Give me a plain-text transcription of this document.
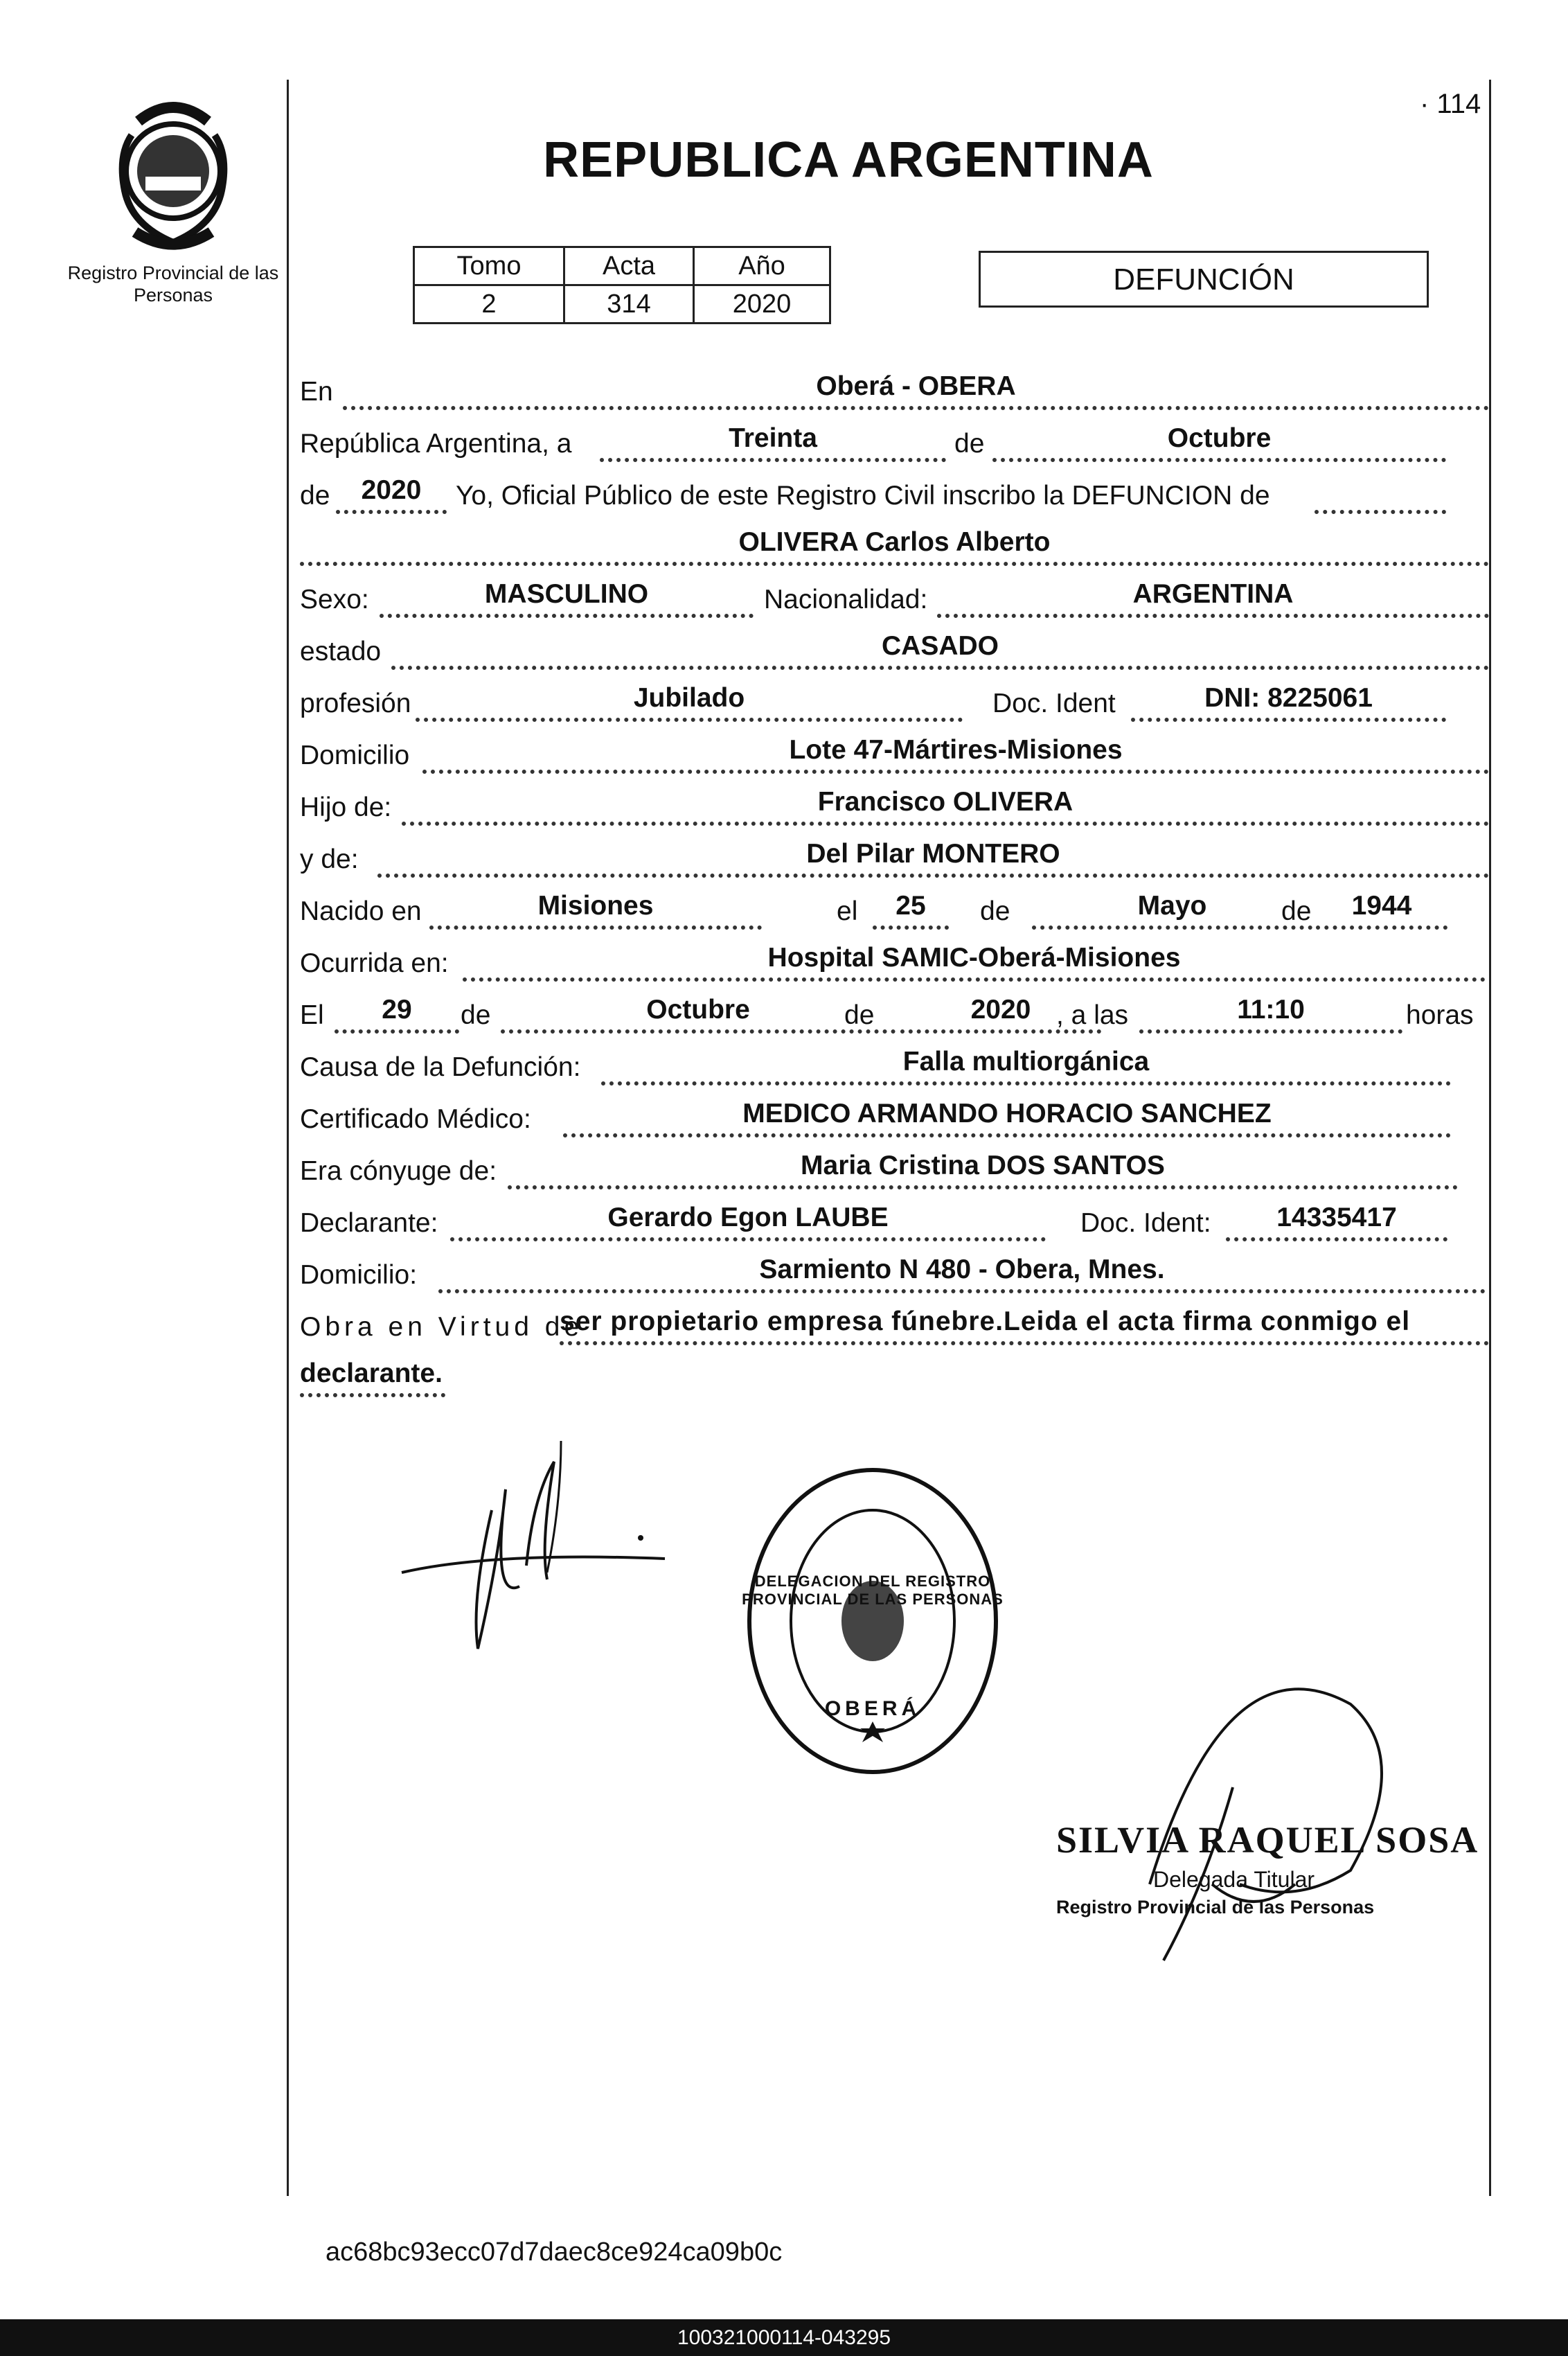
Registro Provincial de las Personas
· 114
REPUBLICA ARGENTINA
Tomo	Acta	Año
2	314	2020
DEFUNCIÓN
En	Oberá - OBERA
República Argentina, a	Treinta	de	Octubre
de	2020	Yo, Oficial Público de este Registro Civil inscribo la DEFUNCION de
OLIVERA Carlos Alberto
Sexo:	MASCULINO	Nacionalidad:	ARGENTINA
estado	CASADO
profesión	Jubilado	Doc. Ident	DNI: 8225061
Domicilio	Lote 47-Mártires-Misiones
Hijo de:	Francisco OLIVERA
y de:	Del Pilar MONTERO
Nacido en	Misiones	el	25	de	Mayo	de	1944
Ocurrida en:	Hospital SAMIC-Oberá-Misiones
El	29	de	Octubre	de	2020 , a las	11:10	horas
Causa de la Defunción:	Falla multiorgánica
Certificado Médico:	MEDICO ARMANDO HORACIO SANCHEZ
Era cónyuge de:	Maria Cristina DOS SANTOS
Declarante:	Gerardo Egon LAUBE	Doc. Ident:	14335417
Domicilio:	Sarmiento N 480 - Obera, Mnes.
Obra en Virtud de
ser propietario empresa fúnebre.Leida el acta firma conmigo el
declarante.
DELEGACION DEL REGISTRO PROVINCIAL DE LAS PERSONAS
OBERÁ
SILVIA RAQUEL SOSA
Delegada Titular
Registro Provincial de las Personas
ac68bc93ecc07d7daec8ce924ca09b0c
100321000114-043295
